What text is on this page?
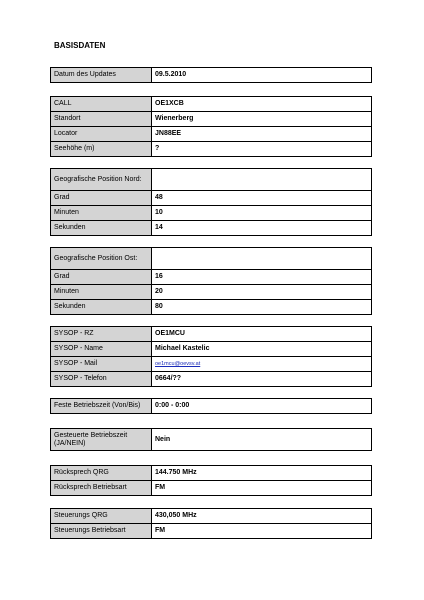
BASISDATEN
Datum des Updates	09.5.2010
CALL	OE1XCB
Standort	Wienerberg
Locator	JN88EE
Seehöhe (m)	?
Geografische Position Nord:	
Grad	48
Minuten	10
Sekunden	14
Geografische Position Ost:	
Grad	16
Minuten	20
Sekunden	80
SYSOP - RZ	OE1MCU
SYSOP - Name	Michael Kastelic
SYSOP - Mail	oe1mcu@oevsv.at
SYSOP - Telefon	0664/??
Feste Betriebszeit (Von/Bis)	0:00 - 0:00
Gesteuerte Betriebszeit (JA/NEIN)	Nein
Rücksprech QRG	144.750 MHz
Rücksprech Betriebsart	FM
Steuerungs QRG	430,050 MHz
Steuerungs Betriebsart	FM
